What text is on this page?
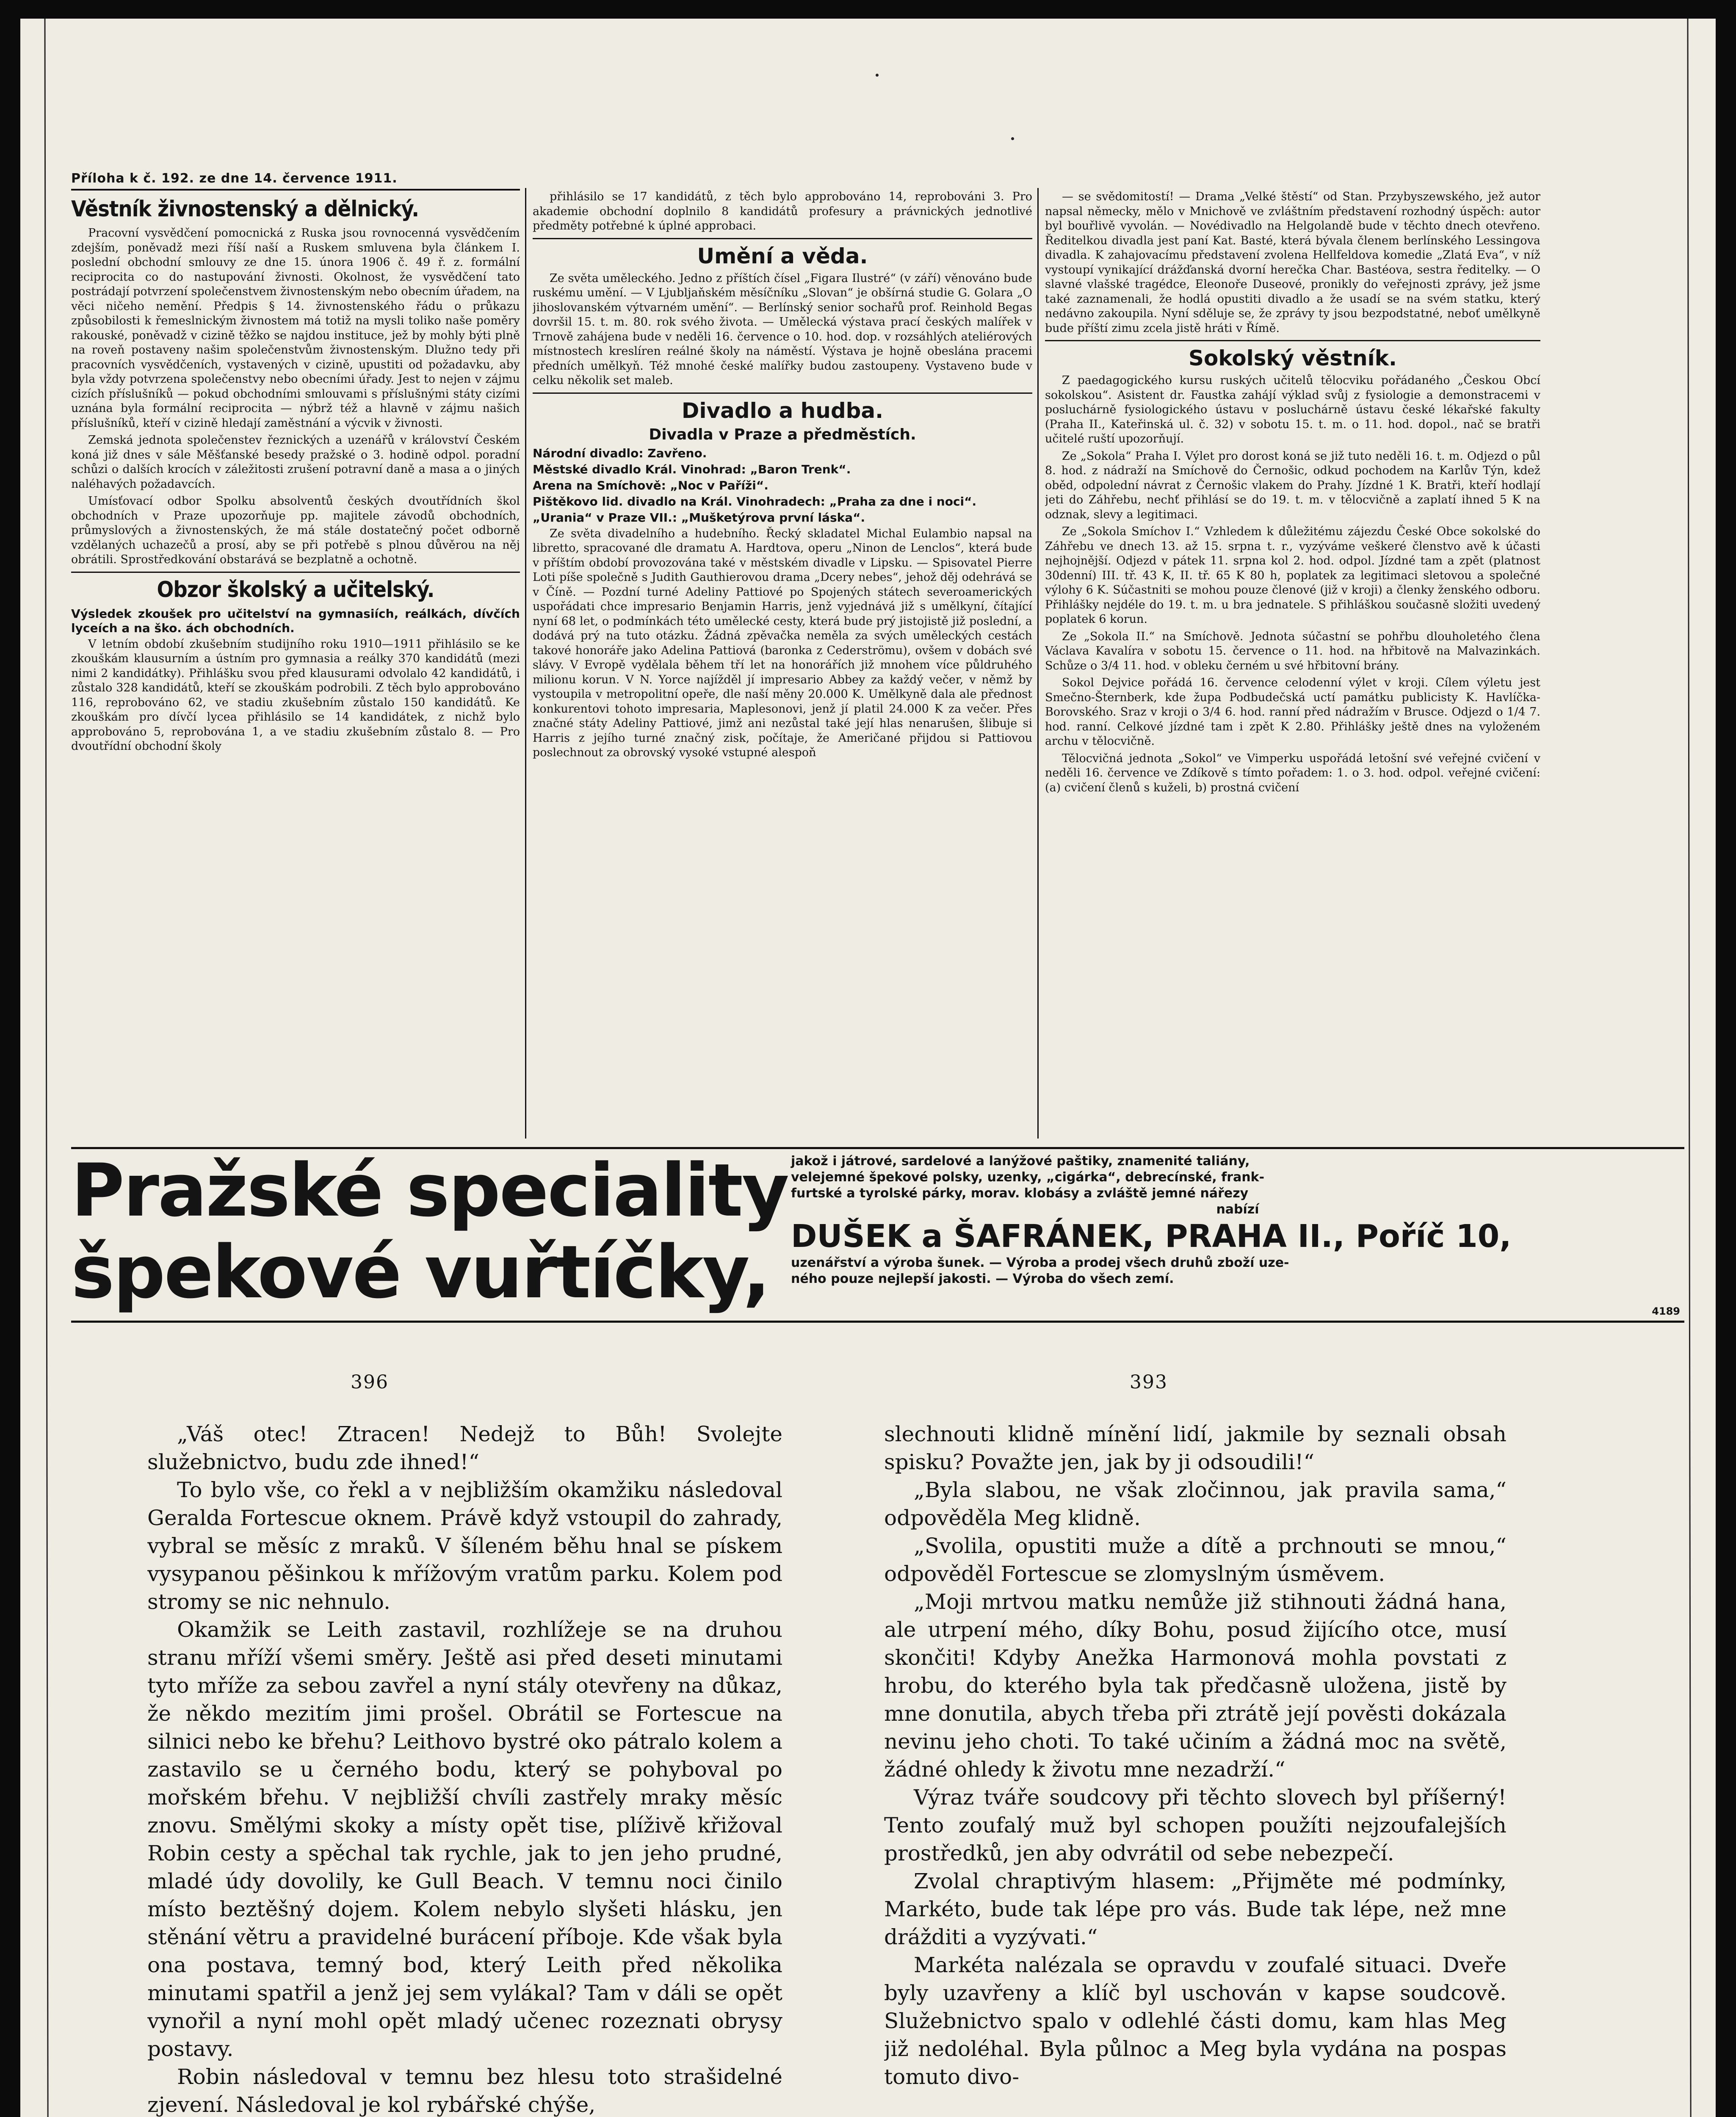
Příloha k č. 192. ze dne 14. července 1911.
Věstník živnostenský a dělnický.

Pracovní vysvědčení pomocnická z Ruska jsou rovnocenná vysvědčením zdejším, poněvadž mezi říší naší a Ruskem smluvena byla článkem I. poslední obchodní smlouvy ze dne 15. února 1906 č. 49 ř. z. formální reciprocita co do nastupování živnosti. Okolnost, že vysvědčení tato postrádají potvrzení společenstvem živnostenským nebo obecním úřadem, na věci ničeho nemění. Předpis § 14. živnostenského řádu o průkazu způsobilosti k řemeslnickým živnostem má totiž na mysli toliko naše poměry rakouské, poněvadž v cizině těžko se najdou instituce, jež by mohly býti plně na roveň postaveny našim společenstvům živnostenským. Dlužno tedy při pracovních vysvědčeních, vystavených v cizině, upustiti od požadavku, aby byla vždy potvrzena společenstvy nebo obecními úřady. Jest to nejen v zájmu cizích příslušníků — pokud obchodními smlouvami s příslušnými státy cizími uznána byla formální reciprocita — nýbrž též a hlavně v zájmu našich příslušníků, kteří v cizině hledají zaměstnání a výcvik v živnosti.

Zemská jednota společenstev řeznických a uzenářů v království Českém koná již dnes v sále Měšťanské besedy pražské o 3. hodině odpol. poradní schůzi o dalších krocích v záležitosti zrušení potravní daně a masa a o jiných naléhavých požadavcích.

Umísťovací odbor Spolku absolventů českých dvoutřídních škol obchodních v Praze upozorňuje pp. majitele závodů obchodních, průmyslových a živnostenských, že má stále dostatečný počet odborně vzdělaných uchazečů a prosí, aby se při potřebě s plnou důvěrou na něj obrátili. Sprostředkování obstarává se bezplatně a ochotně.

Obzor školský a učitelský.
Výsledek zkoušek pro učitelství na gymnasiích, reálkách, dívčích lyceích a na ško. ách obchodních.

V letním období zkušebním studijního roku 1910—1911 přihlásilo se ke zkouškám klausurním a ústním pro gymnasia a reálky 370 kandidátů (mezi nimi 2 kandidátky). Přihlášku svou před klausurami odvolalo 42 kandidátů, i zůstalo 328 kandidátů, kteří se zkouškám podrobili. Z těch bylo approbováno 116, reprobováno 62, ve stadiu zkušebním zůstalo 150 kandidátů. Ke zkouškám pro dívčí lycea přihlásilo se 14 kandidátek, z nichž bylo approbováno 5, reprobována 1, a ve stadiu zkušebním zůstalo 8. — Pro dvoutřídní obchodní školy

přihlásilo se 17 kandidátů, z těch bylo approbováno 14, reprobováni 3. Pro akademie obchodní doplnilo 8 kandidátů profesury a právnických jednotlivé předměty potřebné k úplné approbaci.

Umění a věda.

Ze světa uměleckého. Jedno z příštích čísel „Figara Ilustré“ (v září) věnováno bude ruskému umění. — V Ljubljaňském měsíčníku „Slovan“ je obšírná studie G. Golara „O jihoslovanském výtvarném umění“. — Berlínský senior sochařů prof. Reinhold Begas dovršil 15. t. m. 80. rok svého života. — Umělecká výstava prací českých malířek v Trnově zahájena bude v neděli 16. července o 10. hod. dop. v rozsáhlých ateliérových místnostech kreslíren reálné školy na náměstí. Výstava je hojně obeslána pracemi předních umělkyň. Též mnohé české malířky budou zastoupeny. Vystaveno bude v celku několik set maleb.

Divadlo a hudba.
Divadla v Praze a předměstích.
Národní divadlo: Zavřeno.
Městské divadlo Král. Vinohrad: „Baron Trenk“.
Arena na Smíchově: „Noc v Paříži“.
Pištěkovo lid. divadlo na Král. Vinohradech: „Praha za dne i noci“.
„Urania“ v Praze VII.: „Mušketýrova první láska“.

Ze světa divadelního a hudebního. Řecký skladatel Michal Eulambio napsal na libretto, spracované dle dramatu A. Hardtova, operu „Ninon de Lenclos“, která bude v příštím období provozována také v městském divadle v Lipsku. — Spisovatel Pierre Loti píše společně s Judith Gauthierovou drama „Dcery nebes“, jehož děj odehrává se v Číně. — Pozdní turné Adeliny Pattiové po Spojených státech severoamerických uspořádati chce impresario Benjamin Harris, jenž vyjednává již s umělkyní, čítající nyní 68 let, o podmínkách této umělecké cesty, která bude prý jistojistě již poslední, a dodává prý na tuto otázku. Žádná zpěvačka neměla za svých uměleckých cestách takové honoráře jako Adelina Pattiová (baronka z Cederströmu), ovšem v dobách své slávy. V Evropě vydělala během tří let na honorářích již mnohem více půldruhého milionu korun. V N. Yorce najížděl jí impresario Abbey za každý večer, v němž by vystoupila v metropolitní opeře, dle naší měny 20.000 K. Umělkyně dala ale přednost konkurentovi tohoto impresaria, Maplesonovi, jenž jí platil 24.000 K za večer. Přes značné státy Adeliny Pattiové, jimž ani nezůstal také její hlas nenarušen, šlibuje si Harris z jejího turné značný zisk, počítaje, že Američané přijdou si Pattiovou poslechnout za obrovský vysoké vstupné alespoň

— se svědomitostí! — Drama „Velké štěstí“ od Stan. Przybyszewského, jež autor napsal německy, mělo v Mnichově ve zvláštním představení rozhodný úspěch: autor byl bouřlivě vyvolán. — Novédivadlo na Helgolandě bude v těchto dnech otevřeno. Ředitelkou divadla jest paní Kat. Basté, která bývala členem berlínského Lessingova divadla. K zahajovacímu představení zvolena Hellfeldova komedie „Zlatá Eva“, v níž vystoupí vynikající drážďanská dvorní herečka Char. Bastéova, sestra ředitelky. — O slavné vlašské tragédce, Eleonoře Duseové, pronikly do veřejnosti zprávy, jež jsme také zaznamenali, že hodlá opustiti divadlo a že usadí se na svém statku, který nedávno zakoupila. Nyní sděluje se, že zprávy ty jsou bezpodstatné, neboť umělkyně bude příští zimu zcela jistě hráti v Římě.

Sokolský věstník.

Z paedagogického kursu ruských učitelů tělocviku pořádaného „Českou Obcí sokolskou“. Asistent dr. Faustka zahájí výklad svůj z fysiologie a demonstracemi v posluchárně fysiologického ústavu v posluchárně ústavu české lékařské fakulty (Praha II., Kateřinská ul. č. 32) v sobotu 15. t. m. o 11. hod. dopol., nač se bratři učitelé ruští upozorňují.

Ze „Sokola“ Praha I. Výlet pro dorost koná se již tuto neděli 16. t. m. Odjezd o půl 8. hod. z nádraží na Smíchově do Černošic, odkud pochodem na Karlův Týn, kdež oběd, odpolední návrat z Černošic vlakem do Prahy. Jízdné 1 K. Bratři, kteří hodlají jeti do Záhřebu, nechť přihlásí se do 19. t. m. v tělocvičně a zaplatí ihned 5 K na odznak, slevy a legitimaci.

Ze „Sokola Smíchov I.“ Vzhledem k důležitému zájezdu České Obce sokolské do Záhřebu ve dnech 13. až 15. srpna t. r., vyzýváme veškeré členstvo avě k účasti nejhojnější. Odjezd v pátek 11. srpna kol 2. hod. odpol. Jízdné tam a zpět (platnost 30denní) III. tř. 43 K, II. tř. 65 K 80 h, poplatek za legitimaci sletovou a společné výlohy 6 K. Súčastniti se mohou pouze členové (již v kroji) a členky ženského odboru. Přihlášky nejdéle do 19. t. m. u bra jednatele. S přihláškou současně složiti uvedený poplatek 6 korun.

Ze „Sokola II.“ na Smíchově. Jednota súčastní se pohřbu dlouholetého člena Václava Kavalíra v sobotu 15. července o 11. hod. na hřbitově na Malvazinkách. Schůze o 3/4 11. hod. v obleku černém u své hřbitovní brány.

Sokol Dejvice pořádá 16. července celodenní výlet v kroji. Cílem výletu jest Smečno-Šternberk, kde župa Podbudečská uctí památku publicisty K. Havlíčka-Borovského. Sraz v kroji o 3/4 6. hod. ranní před nádražím v Brusce. Odjezd o 1/4 7. hod. ranní. Celkové jízdné tam i zpět K 2.80. Přihlášky ještě dnes na vyloženém archu v tělocvičně.

Tělocvičná jednota „Sokol“ ve Vimperku uspořádá letošní své veřejné cvičení v neděli 16. července ve Zdíkově s tímto pořadem: 1. o 3. hod. odpol. veřejné cvičení: (a) cvičení členů s kuželi, b) prostná cvičení

Pražské speciality
špekové vuřtíčky,
jakož i játrové, sardelové a lanýžové paštiky, znamenité taliány,
velejemné špekové polsky, uzenky, „cigárka“, debrecínské, frank-
furtské a tyrolské párky, morav. klobásy a zvláště jemné nářezy
nabízí
DUŠEK a ŠAFRÁNEK, PRAHA II., Poříč 10,
uzenářství a výroba šunek. — Výroba a prodej všech druhů zboží uze-
ného pouze nejlepší jakosti. — Výroba do všech zemí.
4189
396	393

„Váš otec! Ztracen! Nedejž to Bůh! Svolejte služebnictvo, budu zde ihned!“

To bylo vše, co řekl a v nejbližším okamžiku následoval Geralda Fortescue oknem. Právě když vstoupil do zahrady, vybral se měsíc z mraků. V šíleném běhu hnal se pískem vysypanou pěšinkou k mřížovým vratům parku. Kolem pod stromy se nic nehnulo.

Okamžik se Leith zastavil, rozhlížeje se na druhou stranu mříží všemi směry. Ještě asi před deseti minutami tyto mříže za sebou zavřel a nyní stály otevřeny na důkaz, že někdo mezitím jimi prošel. Obrátil se Fortescue na silnici nebo ke břehu? Leithovo bystré oko pátralo kolem a zastavilo se u černého bodu, který se pohyboval po mořském břehu. V nejbližší chvíli zastřely mraky měsíc znovu. Smělými skoky a místy opět tise, plíživě křižoval Robin cesty a spěchal tak rychle, jak to jen jeho prudné, mladé údy dovolily, ke Gull Beach. V temnu noci činilo místo beztěšný dojem. Kolem nebylo slyšeti hlásku, jen stěnání větru a pravidelné burácení příboje. Kde však byla ona postava, temný bod, který Leith před několika minutami spatřil a jenž jej sem vylákal? Tam v dáli se opět vynořil a nyní mohl opět mladý učenec rozeznati obrysy postavy.

Robin následoval v temnu bez hlesu toto strašidelné zjevení. Následoval je kol rybářské chýše,

slechnouti klidně mínění lidí, jakmile by seznali obsah spisku? Považte jen, jak by ji odsoudili!“

„Byla slabou, ne však zločinnou, jak pravila sama,“ odpověděla Meg klidně.

„Svolila, opustiti muže a dítě a prchnouti se mnou,“ odpověděl Fortescue se zlomyslným úsměvem.

„Moji mrtvou matku nemůže již stihnouti žádná hana, ale utrpení mého, díky Bohu, posud žijícího otce, musí skončiti! Kdyby Anežka Harmonová mohla povstati z hrobu, do kterého byla tak předčasně uložena, jistě by mne donutila, abych třeba při ztrátě její pověsti dokázala nevinu jeho choti. To také učiním a žádná moc na světě, žádné ohledy k životu mne nezadrží.“

Výraz tváře soudcovy při těchto slovech byl příšerný! Tento zoufalý muž byl schopen použíti nejzoufalejších prostředků, jen aby odvrátil od sebe nebezpečí.

Zvolal chraptivým hlasem: „Přijměte mé podmínky, Markéto, bude tak lépe pro vás. Bude tak lépe, než mne drážditi a vyzývati.“

Markéta nalézala se opravdu v zoufalé situaci. Dveře byly uzavřeny a klíč byl uschován v kapse soudcově. Služebnictvo spalo v odlehlé části domu, kam hlas Meg již nedoléhal. Byla půlnoc a Meg byla vydána na pospas tomuto divo-
